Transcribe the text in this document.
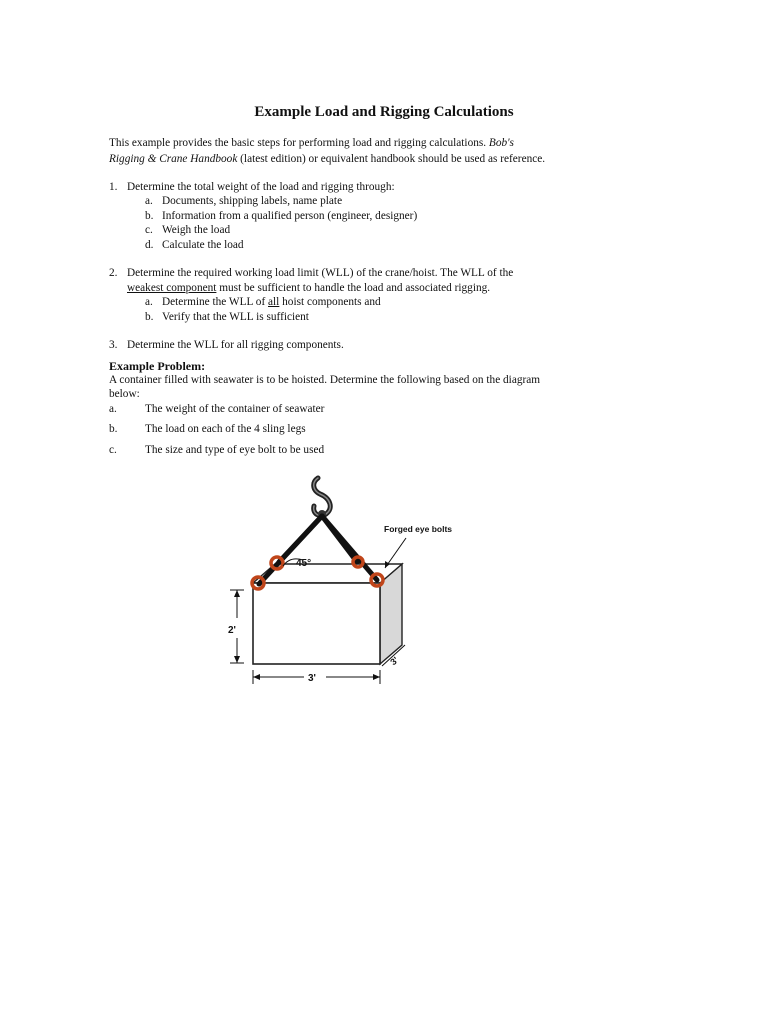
Example Load and Rigging Calculations
This example provides the basic steps for performing load and rigging calculations. Bob's
Rigging & Crane Handbook (latest edition) or equivalent handbook should be used as reference.
1. Determine the total weight of the load and rigging through:
a. Documents, shipping labels, name plate
b. Information from a qualified person (engineer, designer)
c. Weigh the load
d. Calculate the load
2. Determine the required working load limit (WLL) of the crane/hoist. The WLL of the
weakest component must be sufficient to handle the load and associated rigging.
a. Determine the WLL of all hoist components and
b. Verify that the WLL is sufficient
3. Determine the WLL for all rigging components.
Example Problem:
A container filled with seawater is to be hoisted. Determine the following based on the diagram
below:
a. The weight of the container of seawater
b. The load on each of the 4 sling legs
c. The size and type of eye bolt to be used
45°
Forged eye bolts
2'
3'
3'
